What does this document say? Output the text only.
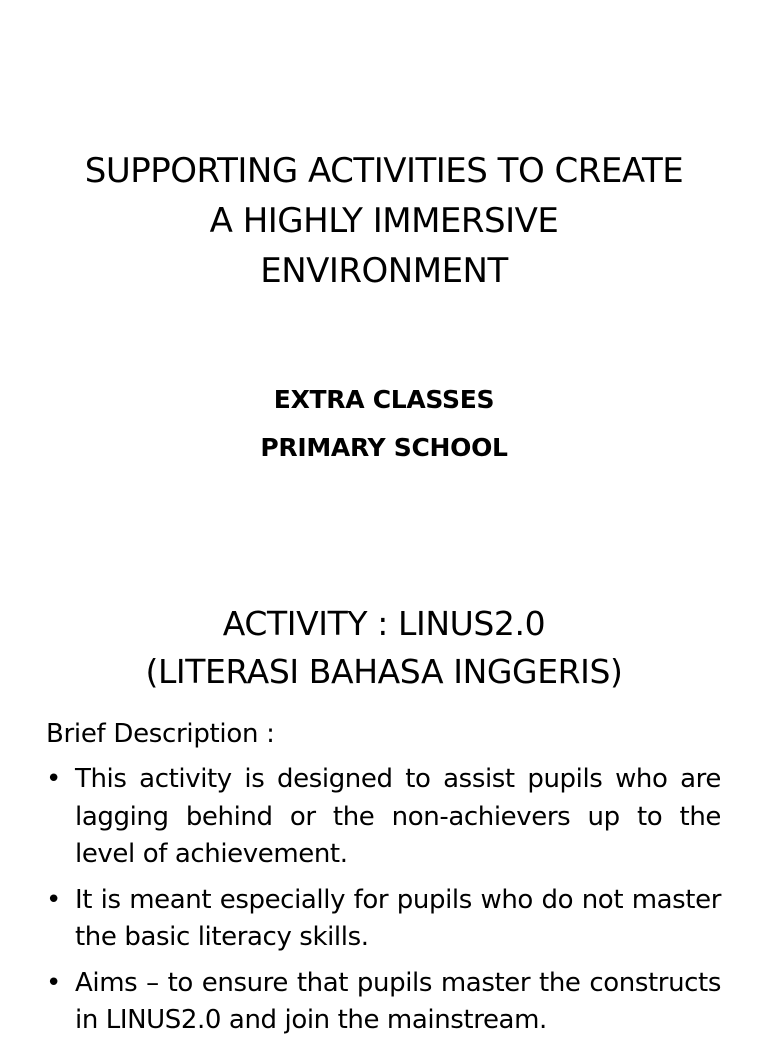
SUPPORTING ACTIVITIES TO CREATE
A HIGHLY IMMERSIVE
ENVIRONMENT
EXTRA CLASSES
PRIMARY SCHOOL
ACTIVITY : LINUS2.0
(LITERASI BAHASA INGGERIS)
Brief Description :
• This activity is designed to assist pupils who are lagging behind or the non-achievers up to the level of achievement.
• It is meant especially for pupils who do not master the basic literacy skills.
• Aims – to ensure that pupils master the constructs in LINUS2.0 and join the mainstream.
